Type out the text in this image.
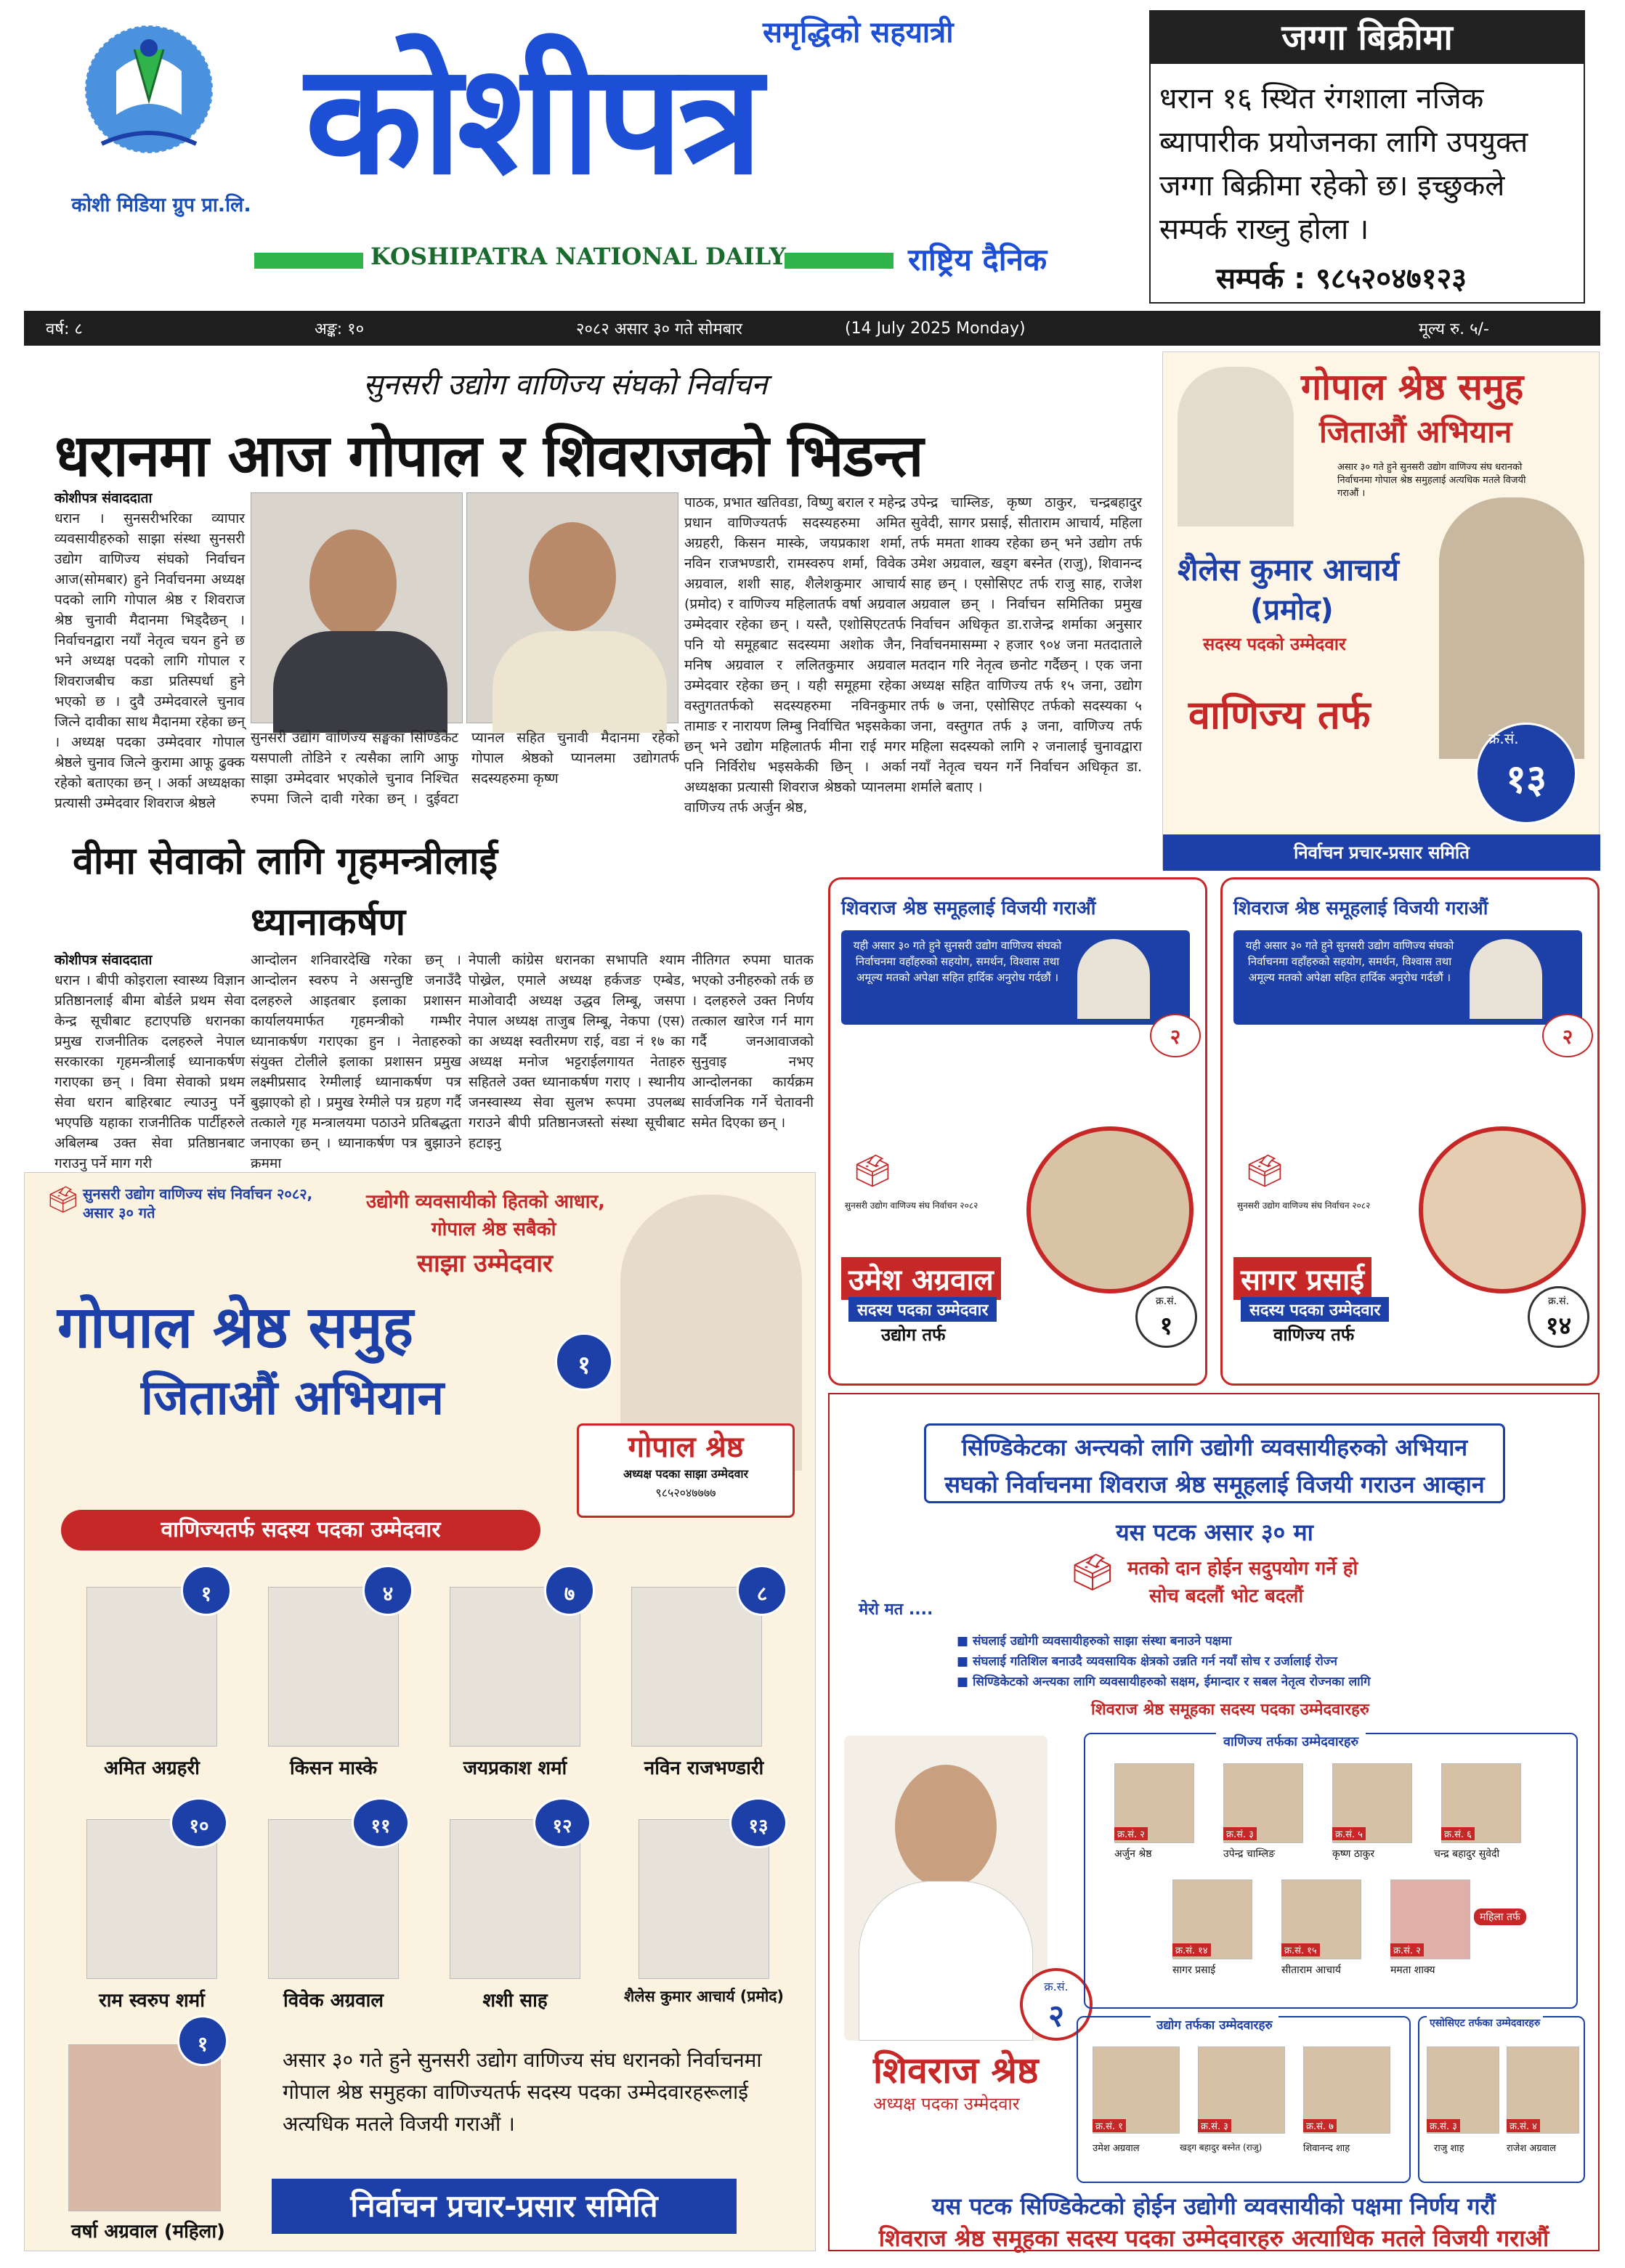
कोशी मिडिया ग्रुप प्रा.लि.
समृद्धिको सहयात्री
कोशीपत्र
KOSHIPATRA NATIONAL DAILY	राष्ट्रिय दैनिक
जग्गा बिक्रीमा
धरान १६ स्थित रंगशाला नजिक ब्यापारीक प्रयोजनका लागि उपयुक्त जग्गा बिक्रीमा रहेको छ। इच्छुकले सम्पर्क राख्नु होला ।
सम्पर्क : ९८५२०४७१२३
वर्ष: ८	अङ्क: १०	२०८२ असार ३० गते सोमबार	(14 July 2025 Monday)	मूल्य रु. ५/-
सुनसरी उद्योग वाणिज्य संघको निर्वाचन
धरानमा आज गोपाल र शिवराजको भिडन्त
कोशीपत्र संवाददाता
धरान । सुनसरीभरिका व्यापार व्यवसायीहरुको साझा संस्था सुनसरी उद्योग वाणिज्य संघको निर्वाचन आज(सोमबार) हुने निर्वाचनमा अध्यक्ष पदको लागि गोपाल श्रेष्ठ र शिवराज श्रेष्ठ चुनावी मैदानमा भिड्दैछन् । निर्वाचनद्वारा नयाँ नेतृत्व चयन हुने छ भने अध्यक्ष पदको लागि गोपाल र शिवराजबीच कडा प्रतिस्पर्धा हुने भएको छ । दुवै उम्मेदवारले चुनाव जित्ने दावीका साथ मैदानमा रहेका छन् । अध्यक्ष पदका उम्मेदवार गोपाल श्रेष्ठले चुनाव जित्ने कुरामा आफू ढुक्क रहेको बताएका छन् । अर्का अध्यक्षका प्रत्यासी उम्मेदवार शिवराज श्रेष्ठले
सुनसरी उद्योग वाणिज्य सङ्घका सिण्डिकेट यसपाली तोडिने र त्यसैका लागि आफु साझा उम्मेदवार भएकोले चुनाव निश्चित रुपमा जित्ने दावी गरेका छन् । दुईवटा प्यानल सहित चुनावी मैदानमा रहेको गोपाल श्रेष्ठको प्यानलमा उद्योगतर्फ सदस्यहरुमा कृष्ण
पाठक, प्रभात खतिवडा, विष्णु बराल र महेन्द्र प्रधान वाणिज्यतर्फ सदस्यहरुमा अमित अग्रहरी, किसन मास्के, जयप्रकाश शर्मा, नविन राजभण्डारी, रामस्वरुप शर्मा, विवेक अग्रवाल, शशी साह, शैलेशकुमार आचार्य (प्रमोद) र वाणिज्य महिलातर्फ वर्षा अग्रवाल उम्मेदवार रहेका छन् । यस्तै, एशोसिएटतर्फ पनि यो समूहबाट सदस्यमा अशोक जैन, मनिष अग्रवाल र ललितकुमार अग्रवाल उम्मेदवार रहेका छन् । यही समूहमा रहेका वस्तुगततर्फको सदस्यहरुमा नविनकुमार तामाङ र नारायण लिम्बु निर्वाचित भइसकेका छन् भने उद्योग महिलातर्फ मीना राई मगर पनि निर्विरोध भइसकेकी छिन् । अर्का अध्यक्षका प्रत्यासी शिवराज श्रेष्ठको प्यानलमा वाणिज्य तर्फ अर्जुन श्रेष्ठ,
उपेन्द्र चाम्लिङ, कृष्ण ठाकुर, चन्द्रबहादुर सुवेदी, सागर प्रसाई, सीताराम आचार्य, महिला तर्फ ममता शाक्य रहेका छन् भने उद्योग तर्फ उमेश अग्रवाल, खड्ग बस्नेत (राजु), शिवानन्द साह छन् । एसोसिएट तर्फ राजु साह, राजेश अग्रवाल छन् । निर्वाचन समितिका प्रमुख निर्वाचन अधिकृत डा.राजेन्द्र शर्माका अनुसार निर्वाचनमासम्मा २ हजार ९०४ जना मतदाताले मतदान गरि नेतृत्व छनोट गर्दैछन् । एक जना अध्यक्ष सहित वाणिज्य तर्फ १५ जना, उद्योग तर्फ ७ जना, एसोसिएट तर्फको सदस्यका ५ जना, वस्तुगत तर्फ ३ जना, वाणिज्य तर्फ महिला सदस्यको लागि २ जनालाई चुनावद्वारा नयाँ नेतृत्व चयन गर्ने निर्वाचन अधिकृत डा. शर्माले बताए ।
वीमा सेवाको लागि गृहमन्त्रीलाई
ध्यानाकर्षण
कोशीपत्र संवाददाता
धरान । बीपी कोइराला स्वास्थ्य विज्ञान प्रतिष्ठानलाई बीमा बोर्डले प्रथम सेवा केन्द्र सूचीबाट हटाएपछि धरानका प्रमुख राजनीतिक दलहरुले नेपाल सरकारका गृहमन्त्रीलाई ध्यानाकर्षण गराएका छन् । विमा सेवाको प्रथम सेवा धरान बाहिरबाट ल्याउनु पर्ने भएपछि यहाका राजनीतिक पार्टीहरुले अबिलम्ब उक्त सेवा प्रतिष्ठानबाट गराउनु पर्ने माग गरी
आन्दोलन शनिवारदेखि गरेका छन् । आन्दोलन स्वरुप ने असन्तुष्टि जनाउँदै दलहरुले आइतबार इलाका प्रशासन कार्यालयमार्फत गृहमन्त्रीको गम्भीर ध्यानाकर्षण गराएका हुन । नेताहरुको संयुक्त टोलीले इलाका प्रशासन प्रमुख लक्ष्मीप्रसाद रेग्मीलाई ध्यानाकर्षण पत्र बुझाएको हो । प्रमुख रेग्मीले पत्र ग्रहण गर्दै तत्काले गृह मन्त्रालयमा पठाउने प्रतिबद्धता जनाएका छन् । ध्यानाकर्षण पत्र बुझाउने क्रममा
नेपाली कांग्रेस धरानका सभापति श्याम पोख्रेल, एमाले अध्यक्ष हर्कजङ एम्बेड, माओवादी अध्यक्ष उद्धव लिम्बू, जसपा नेपाल अध्यक्ष ताजुब लिम्बू, नेकपा (एस) का अध्यक्ष स्वतीरमण राई, वडा नं १७ का अध्यक्ष मनोज भट्टराईलगायत नेताहरु सहितले उक्त ध्यानाकर्षण गराए । स्थानीय जनस्वास्थ्य सेवा सुलभ रूपमा उपलब्ध गराउने बीपी प्रतिष्ठानजस्तो संस्था सूचीबाट हटाइनु
नीतिगत रुपमा घातक भएको उनीहरुको तर्क छ । दलहरुले उक्त निर्णय तत्काल खारेज गर्न माग गर्दै जनआवाजको सुनुवाइ नभए आन्दोलनका कार्यक्रम सार्वजनिक गर्ने चेतावनी समेत दिएका छन् ।
गोपाल श्रेष्ठ समुह
जिताऔं अभियान
असार ३० गते हुने सुनसरी उद्योग वाणिज्य संघ धरानको निर्वाचनमा गोपाल श्रेष्ठ समुहलाई अत्यधिक मतले विजयी गराऔं ।
शैलेस कुमार आचार्य
(प्रमोद)
सदस्य पदको उम्मेदवार
वाणिज्य तर्फ
१३
क्र.सं.
निर्वाचन प्रचार-प्रसार समिति
शिवराज श्रेष्ठ समूहलाई विजयी गराऔं
यही असार ३० गते हुने सुनसरी उद्योग वाणिज्य संघको निर्वाचनमा वहाँहरुको सहयोग, समर्थन, विश्वास तथा अमूल्य मतको अपेक्षा सहित हार्दिक अनुरोध गर्दछौं ।
शिवराज श्रेष्ठ
अध्यक्ष पदका उम्मेदवार	२
🗳
सुनसरी उद्योग वाणिज्य संघ निर्वाचन २०८२
उमेश अग्रवाल
सदस्य पदका उम्मेदवार
उद्योग तर्फ
क्र.सं.
१
शिवराज श्रेष्ठ समूहलाई विजयी गराऔं
यही असार ३० गते हुने सुनसरी उद्योग वाणिज्य संघको निर्वाचनमा वहाँहरुको सहयोग, समर्थन, विश्वास तथा अमूल्य मतको अपेक्षा सहित हार्दिक अनुरोध गर्दछौं ।
शिवराज श्रेष्ठ
अध्यक्ष पदका उम्मेदवार	२
🗳
सुनसरी उद्योग वाणिज्य संघ निर्वाचन २०८२
सागर प्रसाई
सदस्य पदका उम्मेदवार
वाणिज्य तर्फ
क्र.सं.
१४
🗳 सुनसरी उद्योग वाणिज्य संघ निर्वाचन २०८२, असार ३० गते	उद्योगी व्यवसायीको हितको आधार,
गोपाल श्रेष्ठ सबैको
साझा उम्मेदवार
गोपाल श्रेष्ठ समुह
जिताऔं अभियान
१
गोपाल श्रेष्ठ
अध्यक्ष पदका साझा उम्मेदवार
९८५२०४७७७७
वाणिज्यतर्फ सदस्य पदका उम्मेदवार
१
अमित अग्रहरी
४
किसन मास्के
७
जयप्रकाश शर्मा
८
नविन राजभण्डारी
१०
राम स्वरुप शर्मा
११
विवेक अग्रवाल
१२
शशी साह
१३
शैलेस कुमार आचार्य (प्रमोद)
१
वर्षा अग्रवाल (महिला)
असार ३० गते हुने सुनसरी उद्योग वाणिज्य संघ धरानको निर्वाचनमा गोपाल श्रेष्ठ समुहका वाणिज्यतर्फ सदस्य पदका उम्मेदवारहरूलाई अत्यधिक मतले विजयी गराऔं ।
निर्वाचन प्रचार-प्रसार समिति
सिण्डिकेटका अन्त्यको लागि उद्योगी व्यवसायीहरुको अभियान
सघको निर्वाचनमा शिवराज श्रेष्ठ समूहलाई विजयी गराउन आव्हान
यस पटक असार ३० मा
🗳 मतको दान होईन सदुपयोग गर्ने हो
सोच बदलौं भोट बदलौं
मेरो मत ....
■ संघलाई उद्योगी व्यवसायीहरुको साझा संस्था बनाउने पक्षमा
■ संघलाई गतिशिल बनाउदै व्यवसायिक क्षेत्रको उन्नति गर्न नयाँ सोच र उर्जालाई रोज्न
■ सिण्डिकेटको अन्त्यका लागि व्यवसायीहरुको सक्षम, ईमान्दार र सबल नेतृत्व रोज्नका लागि
शिवराज श्रेष्ठ समूहका सदस्य पदका उम्मेदवारहरु
क्र.सं.
२
शिवराज श्रेष्ठ
अध्यक्ष पदका उम्मेदवार
वाणिज्य तर्फका उम्मेदवारहरु
क्र.सं. २
अर्जुन श्रेष्ठ
क्र.सं. ३
उपेन्द्र चाम्लिङ
क्र.सं. ५
कृष्ण ठाकुर
क्र.सं. ६
चन्द्र बहादुर सुवेदी
क्र.सं. १४
सागर प्रसाई
क्र.सं. १५
सीताराम आचार्य
क्र.सं. २
ममता शाक्य
महिला तर्फ
उद्योग तर्फका उम्मेदवारहरु
क्र.सं. १
उमेश अग्रवाल
क्र.सं. ३
खड्ग बहादुर बस्नेत (राजु)
क्र.सं. ७
शिवानन्द शाह
एसोसिएट तर्फका उम्मेदवारहरु
क्र.सं. ३
राजु शाह
क्र.सं. ४
राजेश अग्रवाल
यस पटक सिण्डिकेटको होईन उद्योगी व्यवसायीको पक्षमा निर्णय गरौं
शिवराज श्रेष्ठ समूहका सदस्य पदका उम्मेदवारहरु अत्याधिक मतले विजयी गराऔं
